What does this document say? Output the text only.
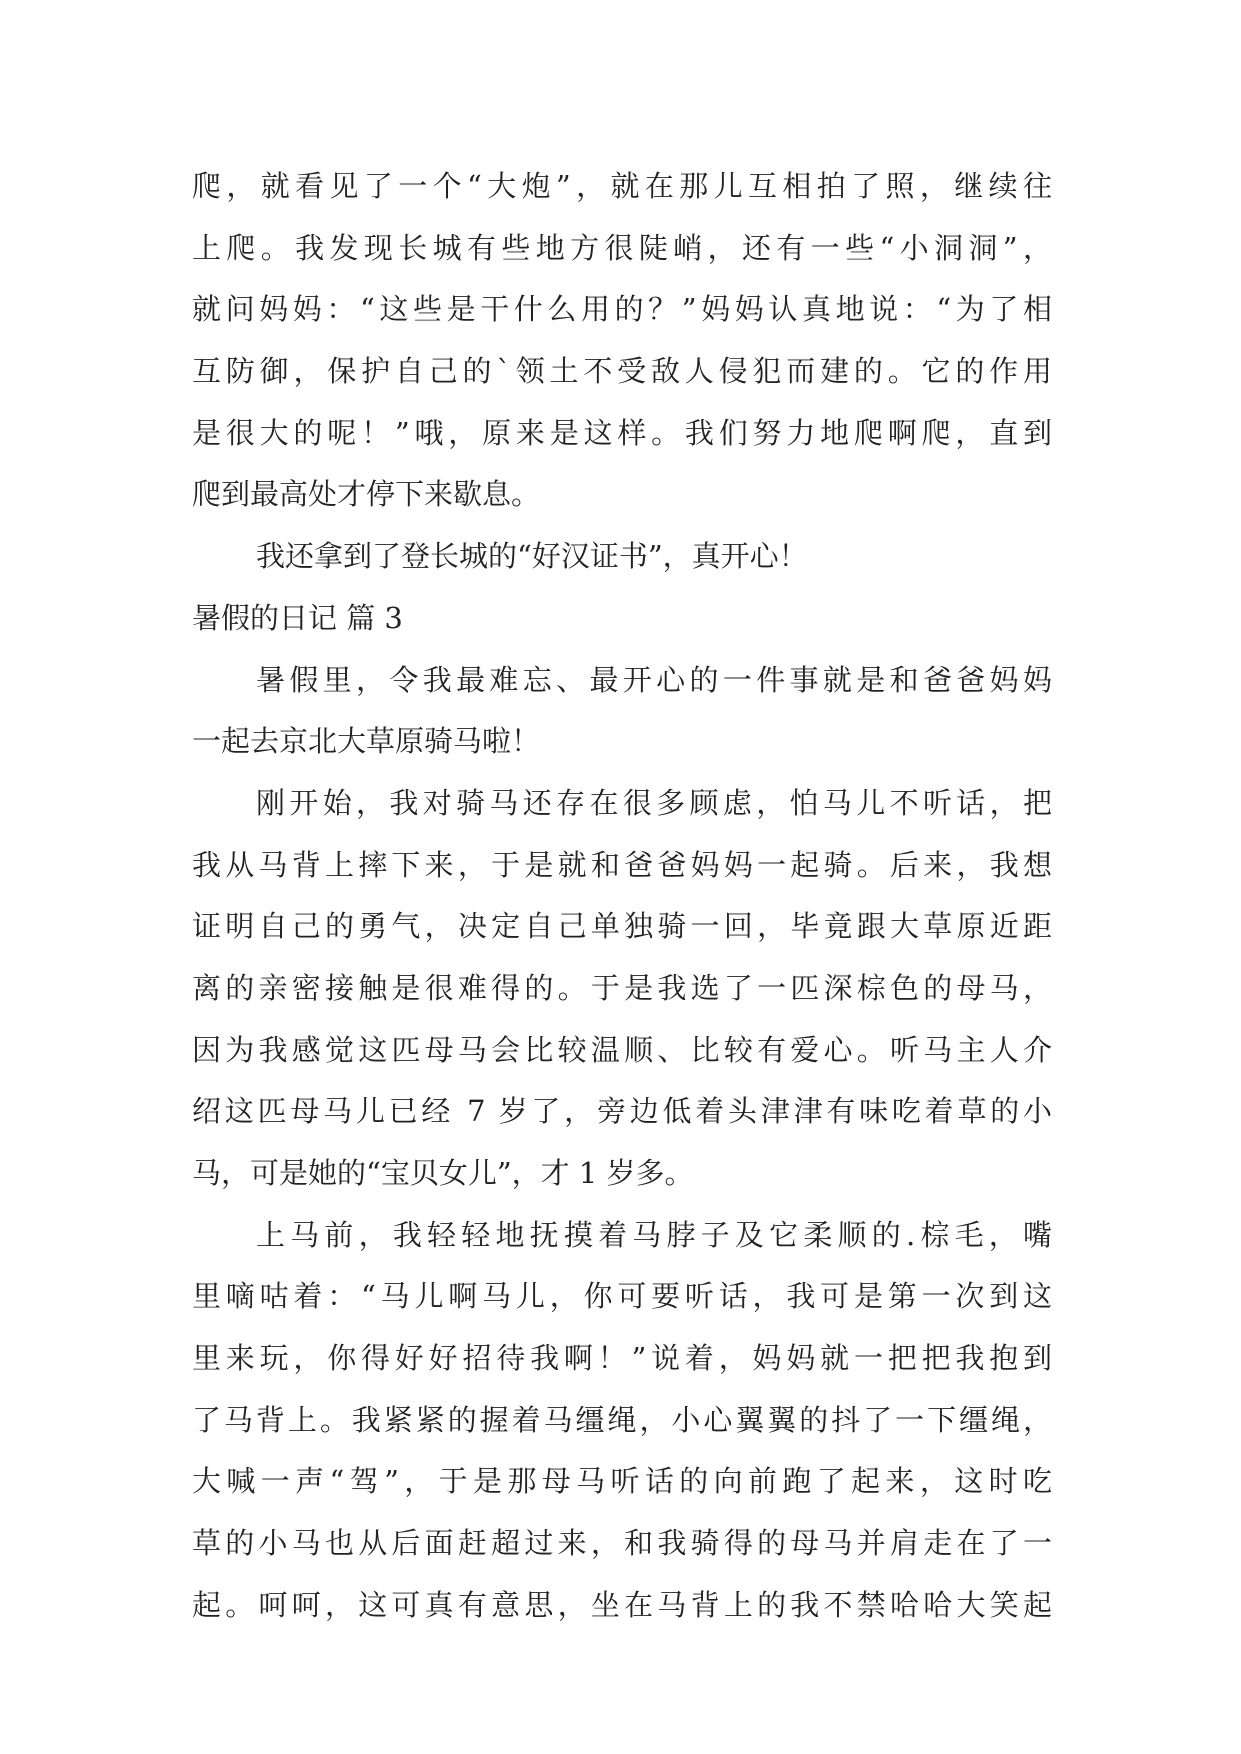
爬，就看见了一个“大炮”，就在那儿互相拍了照，继续往
上爬。我发现长城有些地方很陡峭，还有一些“小洞洞”，
就问妈妈：“这些是干什么用的？”妈妈认真地说：“为了相
互防御，保护自己的`领土不受敌人侵犯而建的。它的作用
是很大的呢！”哦，原来是这样。我们努力地爬啊爬，直到
爬到最高处才停下来歇息。
我还拿到了登长城的“好汉证书”，真开心！
暑假的日记 篇 3
暑假里，令我最难忘、最开心的一件事就是和爸爸妈妈
一起去京北大草原骑马啦！
刚开始，我对骑马还存在很多顾虑，怕马儿不听话，把
我从马背上摔下来，于是就和爸爸妈妈一起骑。后来，我想
证明自己的勇气，决定自己单独骑一回，毕竟跟大草原近距
离的亲密接触是很难得的。于是我选了一匹深棕色的母马，
因为我感觉这匹母马会比较温顺、比较有爱心。听马主人介
绍这匹母马儿已经 7 岁了，旁边低着头津津有味吃着草的小
马，可是她的“宝贝女儿”，才 1 岁多。
上马前，我轻轻地抚摸着马脖子及它柔顺的.棕毛，嘴
里嘀咕着：“马儿啊马儿，你可要听话，我可是第一次到这
里来玩，你得好好招待我啊！”说着，妈妈就一把把我抱到
了马背上。我紧紧的握着马缰绳，小心翼翼的抖了一下缰绳，
大喊一声“驾”，于是那母马听话的向前跑了起来，这时吃
草的小马也从后面赶超过来，和我骑得的母马并肩走在了一
起。呵呵，这可真有意思，坐在马背上的我不禁哈哈大笑起
